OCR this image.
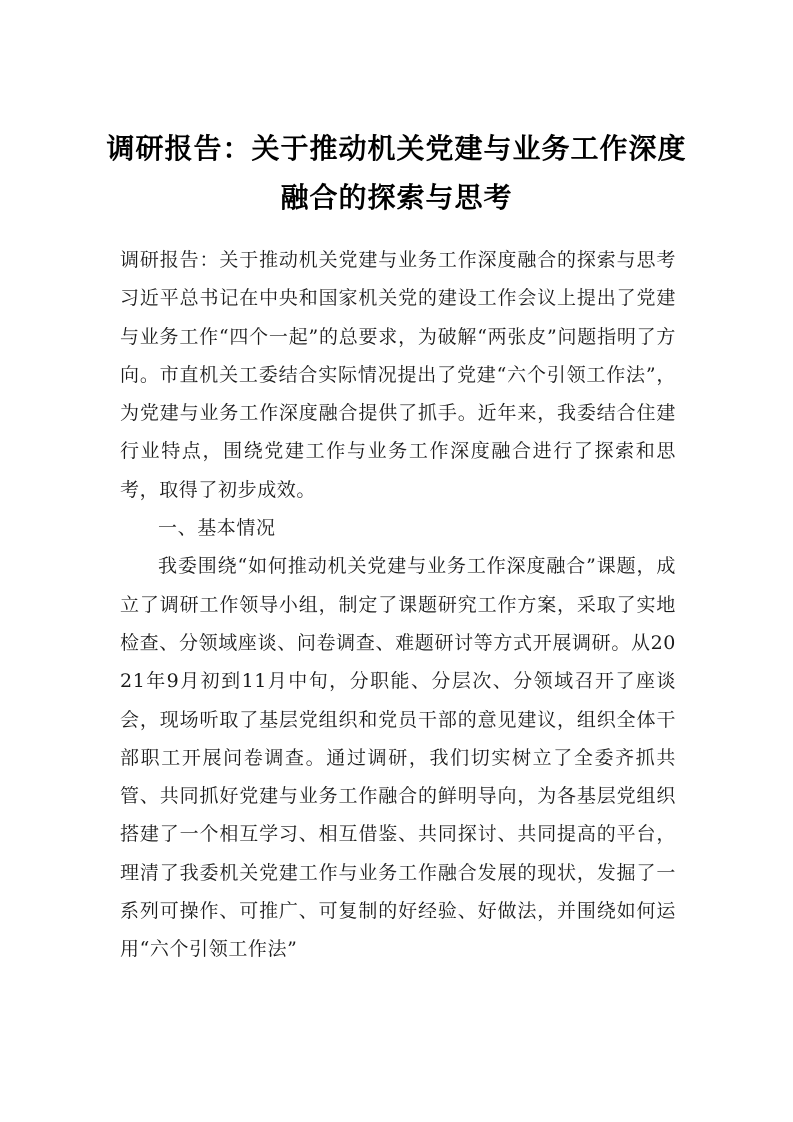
调研报告：关于推动机关党建与业务工作深度融合的探索与思考

调研报告：关于推动机关党建与业务工作深度融合的探索与思考　　习近平总书记在中央和国家机关党的建设工作会议上提出了党建与业务工作“四个一起”的总要求，为破解“两张皮”问题指明了方向。市直机关工委结合实际情况提出了党建“六个引领工作法”，为党建与业务工作深度融合提供了抓手。近年来，我委结合住建行业特点，围绕党建工作与业务工作深度融合进行了探索和思考，取得了初步成效。

一、基本情况

我委围绕“如何推动机关党建与业务工作深度融合”课题，成立了调研工作领导小组，制定了课题研究工作方案，采取了实地检查、分领域座谈、问卷调查、难题研讨等方式开展调研。从2021年9月初到11月中旬，分职能、分层次、分领域召开了座谈会，现场听取了基层党组织和党员干部的意见建议，组织全体干部职工开展问卷调查。通过调研，我们切实树立了全委齐抓共管、共同抓好党建与业务工作融合的鲜明导向，为各基层党组织搭建了一个相互学习、相互借鉴、共同探讨、共同提高的平台，理清了我委机关党建工作与业务工作融合发展的现状，发掘了一系列可操作、可推广、可复制的好经验、好做法，并围绕如何运用“六个引领工作法”
